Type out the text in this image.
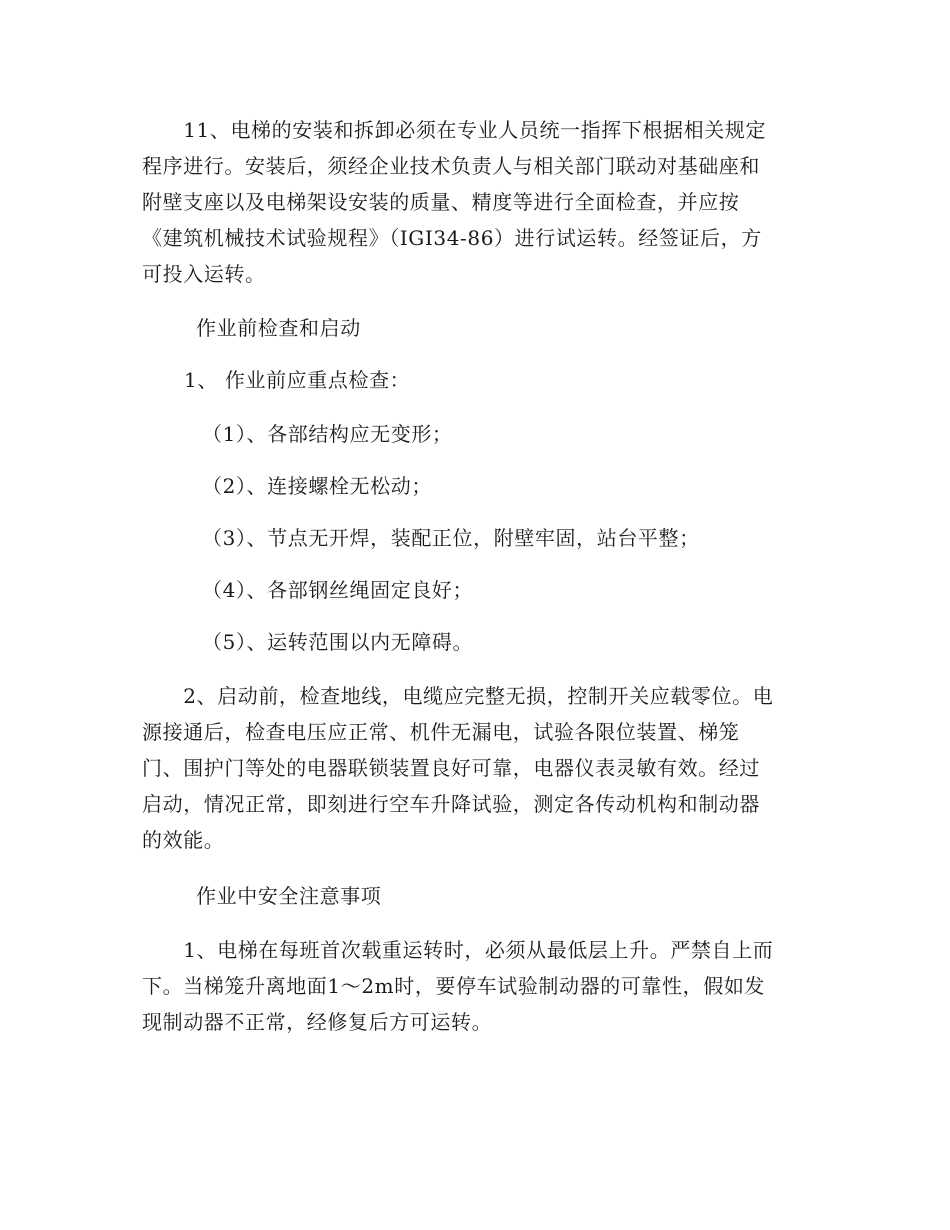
　　11、电梯的安装和拆卸必须在专业人员统一指挥下根据相关规定
程序进行。安装后，须经企业技术负责人与相关部门联动对基础座和
附壁支座以及电梯架设安装的质量、精度等进行全面检查，并应按
《建筑机械技术试验规程》（IGI34-86）进行试运转。经签证后，方
可投入运转。

作业前检查和启动

1、 作业前应重点检查：

（1）、各部结构应无变形；

（2）、连接螺栓无松动；

（3）、节点无开焊，装配正位，附壁牢固，站台平整；

（4）、各部钢丝绳固定良好；

（5）、运转范围以内无障碍。

　　2、启动前，检查地线，电缆应完整无损，控制开关应载零位。电
源接通后，检查电压应正常、机件无漏电，试验各限位装置、梯笼
门、围护门等处的电器联锁装置良好可靠，电器仪表灵敏有效。经过
启动，情况正常，即刻进行空车升降试验，测定各传动机构和制动器
的效能。

作业中安全注意事项

　　1、电梯在每班首次载重运转时，必须从最低层上升。严禁自上而
下。当梯笼升离地面1～2m时，要停车试验制动器的可靠性，假如发
现制动器不正常，经修复后方可运转。
